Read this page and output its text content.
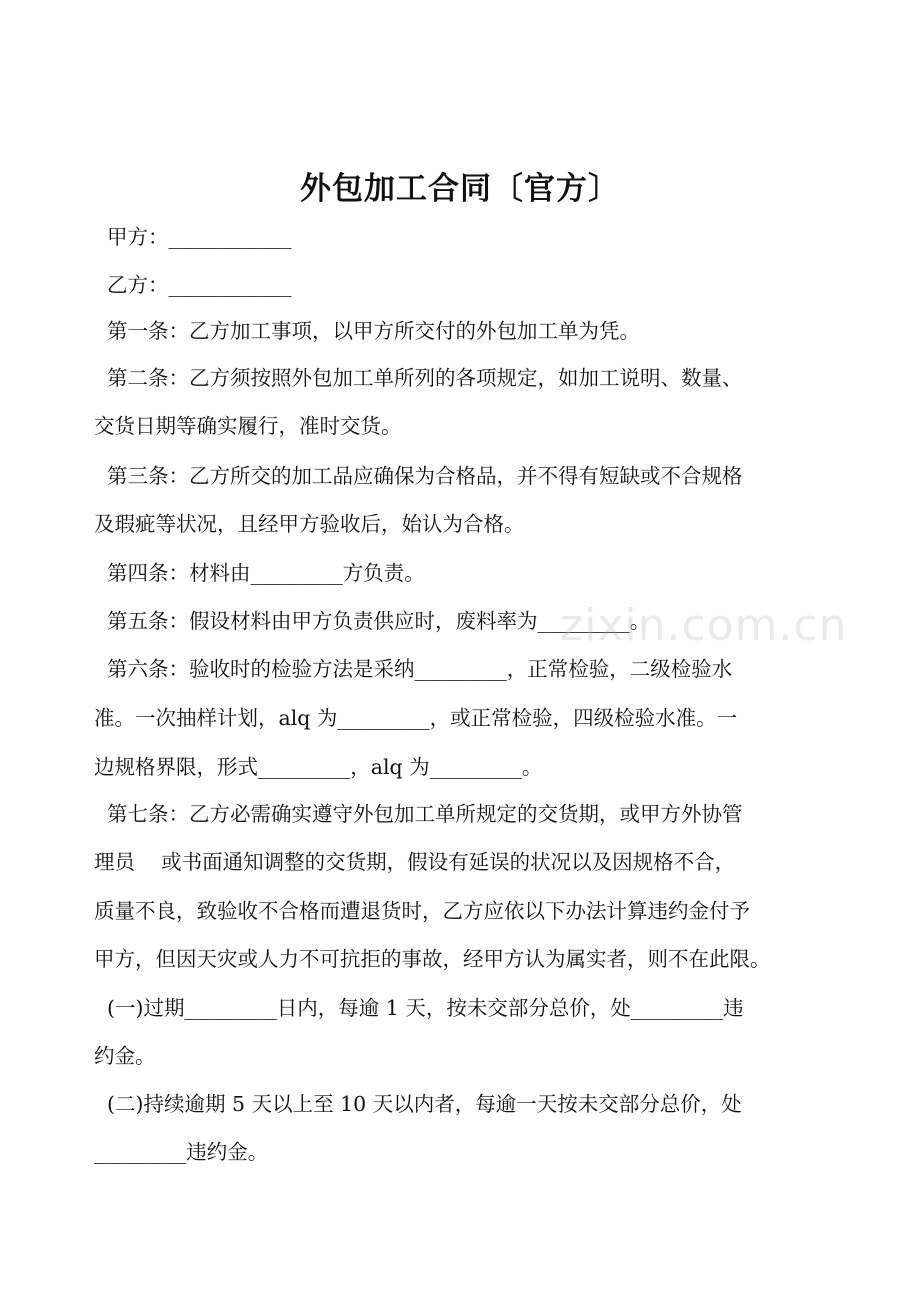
外包加工合同〔官方〕
甲方：____________
乙方：____________
第一条：乙方加工事项，以甲方所交付的外包加工单为凭。
第二条：乙方须按照外包加工单所列的各项规定，如加工说明、数量、
交货日期等确实履行，准时交货。
第三条：乙方所交的加工品应确保为合格品，并不得有短缺或不合规格
及瑕疵等状况，且经甲方验收后，始认为合格。
第四条：材料由_________方负责。
第五条：假设材料由甲方负责供应时，废料率为_________。
第六条：验收时的检验方法是采纳_________，正常检验，二级检验水
准。一次抽样计划，alq 为_________，或正常检验，四级检验水准。一
边规格界限，形式_________，alq 为_________。
第七条：乙方必需确实遵守外包加工单所规定的交货期，或甲方外协管
理员    或书面通知调整的交货期，假设有延误的状况以及因规格不合，
质量不良，致验收不合格而遭退货时，乙方应依以下办法计算违约金付予
甲方，但因天灾或人力不可抗拒的事故，经甲方认为属实者，则不在此限。
(一)过期_________日内，每逾 1 天，按未交部分总价，处_________违
约金。
(二)持续逾期 5 天以上至 10 天以内者，每逾一天按未交部分总价，处
_________违约金。
zixin.com.cn
